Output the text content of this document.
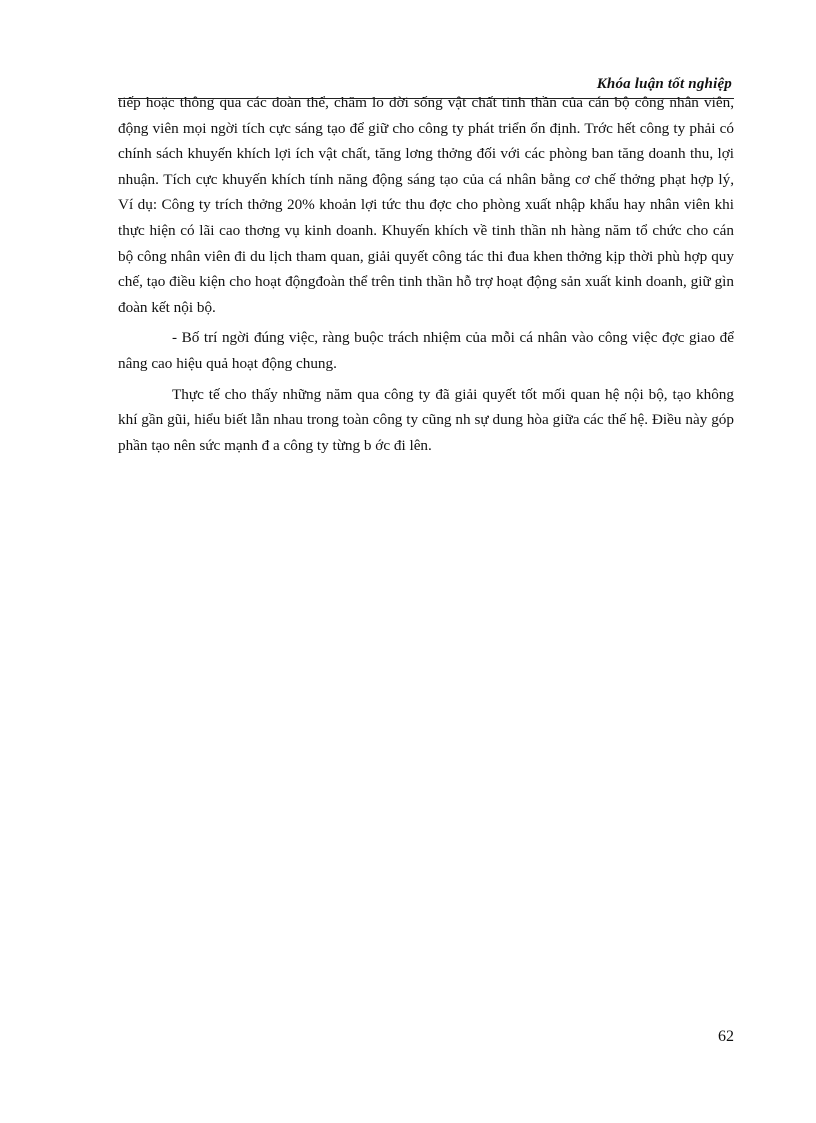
Khóa luận tốt nghiệp

tiếp hoặc thông qua các đoàn thể, chăm lo đời sống vật chất tinh thần của cán bộ công nhân viên, động viên mọi ngời tích cực sáng tạo để giữ cho công ty phát triển ổn định. Trớc hết công ty phải có chính sách khuyến khích lợi ích vật chất, tăng lơng thởng đối với các phòng ban tăng doanh thu, lợi nhuận. Tích cực khuyến khích tính năng động sáng tạo của cá nhân bằng cơ chế thởng phạt hợp lý, Ví dụ: Công ty trích thởng 20% khoản lợi tức thu đợc cho phòng xuất nhập khẩu hay nhân viên khi thực hiện có lãi cao thơng vụ kinh doanh. Khuyến khích về tinh thần nh hàng năm tổ chức cho cán bộ công nhân viên đi du lịch tham quan, giải quyết công tác thi đua khen thởng kịp thời phù hợp quy chế, tạo điều kiện cho hoạt độngđoàn thể trên tinh thần hỗ trợ hoạt động sản xuất kinh doanh, giữ gìn đoàn kết nội bộ.

- Bố trí ngời đúng việc, ràng buộc trách nhiệm của mỗi cá nhân vào công việc đợc giao để nâng cao hiệu quả hoạt động chung.

Thực tế cho thấy những năm qua công ty đã giải quyết tốt mối quan hệ nội bộ, tạo không khí gần gũi, hiểu biết lẫn nhau trong toàn công ty cũng nh sự dung hòa giữa các thế hệ. Điều này góp phần tạo nên sức mạnh đ a công ty từng b ớc đi lên.

62
